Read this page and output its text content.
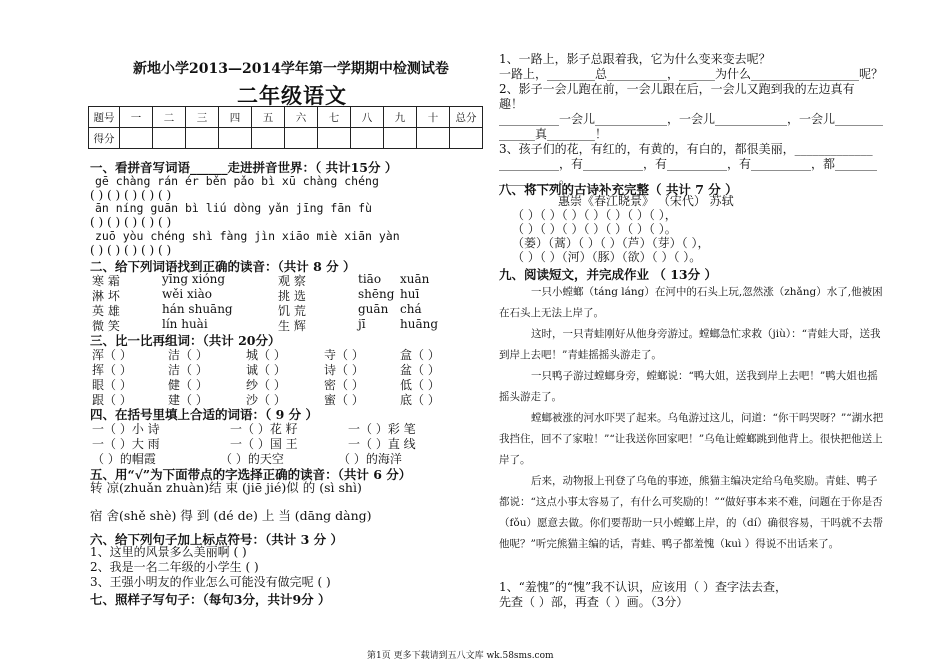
新地小学2013—2014学年第一学期期中检测试卷
二年级语文
题号	一	二	三	四	五	六	七	八	九	十	总分
得分											
一、看拼音写词语______走进拼音世界：（ 共计15分 ）
gē chàng rán ér běn pǎo bì xū chàng chéng
( ) ( ) ( ) ( ) ( )
ān níng guān bì liú dòng yǎn jīng fān fù
( ) ( ) ( ) ( ) ( )
zuō yòu chéng shì fàng jìn xiāo miè xiān yàn
( ) ( ) ( ) ( ) ( )
二、给下列词语找到正确的读音：（共计 8 分 ）
寒 霜	yīng xióng	观 察	tiāo xuān
淋 坏	wěi xiào	挑 选	shēng huī
英 雄	hán shuāng	饥 荒	guān chá
微 笑	lín huài	生 辉	jī	huāng
三、比一比再组词：（共计 20分）
浑（ ）	洁（ ）	城（ ）	寺（ ）	盒（ ）
挥（ ）	洁（ ）	诚（ ）	诗（ ）	盆（ ）
眼（ ）	健（ ）	纱（ ）	密（ ）	低（ ）
跟（ ）	建（ ）	沙（ ）	蜜（ ）	底（ ）
四、在括号里填上合适的词语：（ 9 分 ）
一（ ）小 诗	一（ ）花 籽	一（ ）彩 笔
一（ ）大 雨	一（ ）国 王	一（ ）直 线
（ ）的帽霞	（ ）的天空	（ ）的海洋
五、用“√”为下面带点的字选择正确的读音：（共计 6 分）
转 凉(zhuǎn zhuàn)结 束 (jiē jié)似 的 (sì shì)
宿 舍(shě shè) 得 到 (dé de) 上 当 (dāng dàng)
六、给下列句子加上标点符号：（共计 3 分 ）
1、这里的风景多么美丽啊 ( )
2、我是一名二年级的小学生 ( )
3、王强小明友的作业怎么可能没有做完呢 ( )
七、照样子写句子：（每句3分，共计9分 ）
1、一路上，影子总跟着我，它为什么变来变去呢？
一路上，________总__________，______为什么__________________呢？
2、影子一会儿跑在前，一会儿跟在后，一会儿又跑到我的左边真有
趣！
__________一会儿____________，一会儿____________，一会儿________
______真________！
3、孩子们的花，有红的，有黄的，有白的，都很美丽，_____________
__________，有__________，有__________，有__________，都_______
__________。
八、将下列的古诗补充完整（ 共计 7 分 ）
惠崇《春江晓景》 （宋代） 苏轼
（ ）（ ）（ ）（ ）（ ）（ ）（ ），
（ ）（ ）（ ）（ ）（ ）（ ）（ ）。
（蒌）（蒿）（ ）（ ）（芦）（芽）（ ），
（ ）（ ）（河）（豚）（欲）（ ）（ ）。
九、阅读短文，并完成作业 （ 13分 ）
一只小螳螂（táng láng）在河中的石头上玩,忽然涨（zhǎng）水了,他被困在石头上无法上岸了。
这时，一只青蛙刚好从他身旁游过。螳螂急忙求救（jiù）：“青蛙大哥，送我到岸上去吧！”青蛙摇摇头游走了。
一只鸭子游过螳螂身旁，螳螂说：“鸭大姐，送我到岸上去吧！”鸭大姐也摇摇头游走了。
螳螂被涨的河水吓哭了起来。乌龟游过这儿，问道：“你干吗哭呀？”“湖水把我挡住，回不了家啦！”“让我送你回家吧！”乌龟让螳螂跳到他背上。很快把他送上岸了。
后来，动物报上刊登了乌龟的事迹，熊猫主编决定给乌龟奖励。青蛙、鸭子都说：“这点小事太容易了，有什么可奖励的！”“做好事本来不难，问题在于你是否（fǒu）愿意去做。你们要帮助一只小螳螂上岸，的（dí）确很容易，干吗就不去帮他呢？”听完熊猫主编的话，青蛙、鸭子都羞愧（kuì ）得说不出话来了。
1、“羞愧”的“愧”我不认识，应该用（ ）查字法去查，
先查（ ）部，再查（ ）画。（3分）
第1页 更多下载请到五八文库 wk.58sms.com
